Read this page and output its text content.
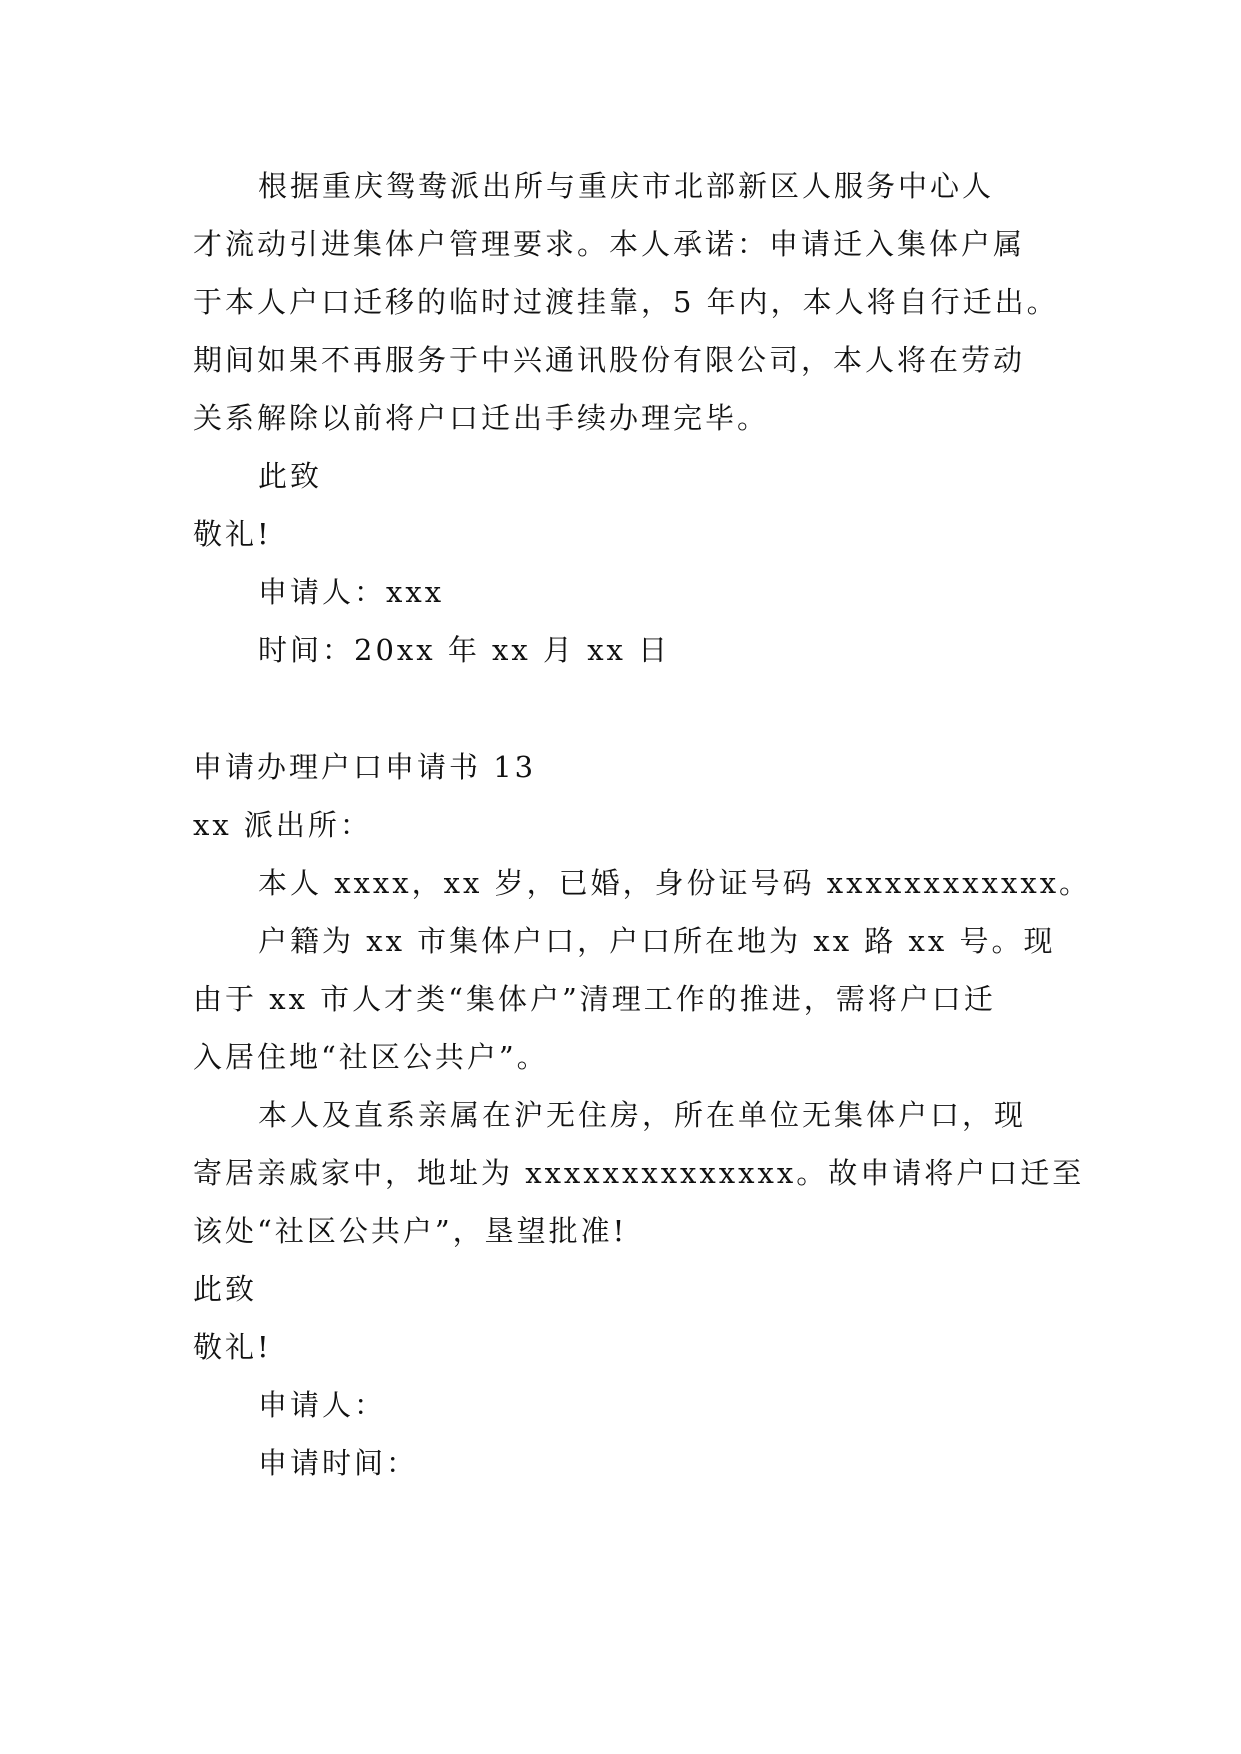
根据重庆鸳鸯派出所与重庆市北部新区人服务中心人
才流动引进集体户管理要求。本人承诺：申请迁入集体户属
于本人户口迁移的临时过渡挂靠，5 年内，本人将自行迁出。
期间如果不再服务于中兴通讯股份有限公司，本人将在劳动
关系解除以前将户口迁出手续办理完毕。
此致
敬礼!
申请人：xxx
时间：20xx 年 xx 月 xx 日
申请办理户口申请书 13
xx 派出所：
本人 xxxx，xx 岁，已婚，身份证号码 xxxxxxxxxxxx。
户籍为 xx 市集体户口，户口所在地为 xx 路 xx 号。现
由于 xx 市人才类“集体户”清理工作的推进，需将户口迁
入居住地“社区公共户”。
本人及直系亲属在沪无住房，所在单位无集体户口，现
寄居亲戚家中，地址为 xxxxxxxxxxxxxx。故申请将户口迁至
该处“社区公共户”，垦望批准!
此致
敬礼!
申请人：
申请时间：
